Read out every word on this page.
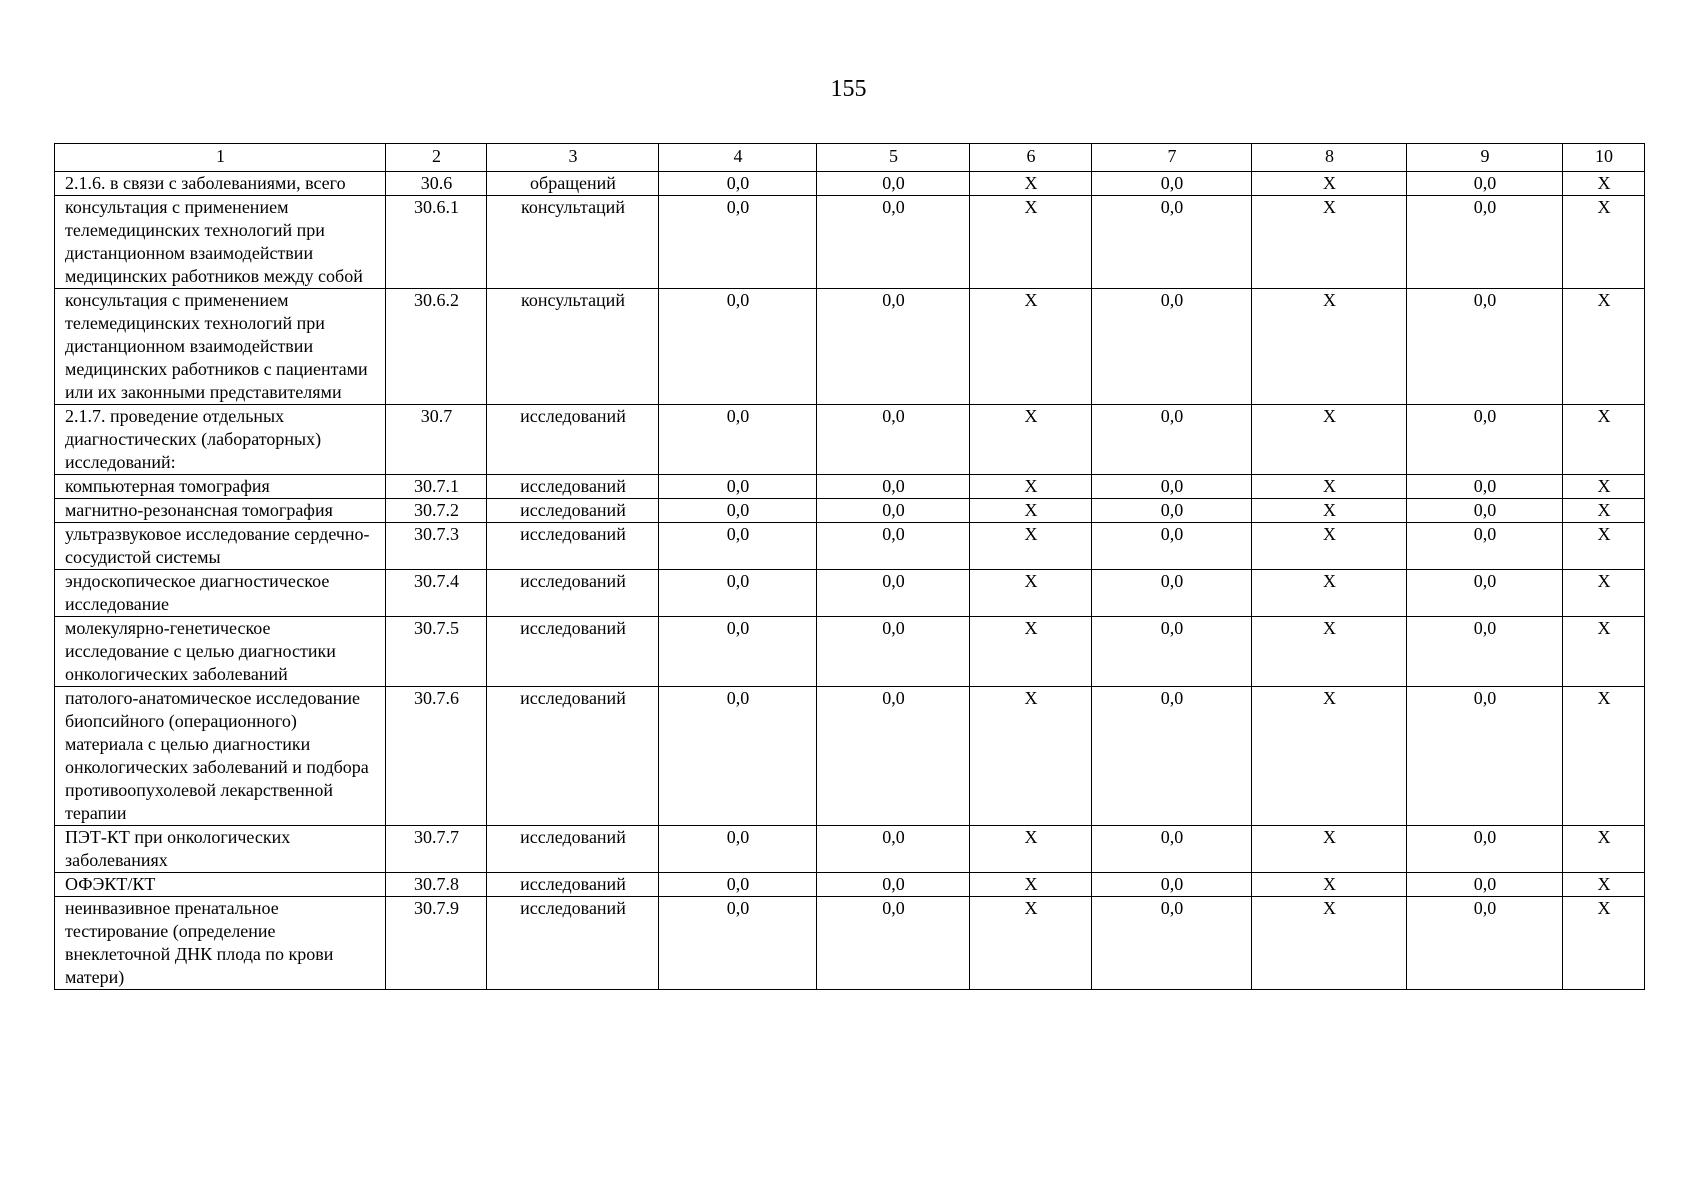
155
1	2	3	4	5	6	7	8	9	10
2.1.6. в связи с заболеваниями, всего	30.6	обращений	0,0	0,0	X	0,0	X	0,0	X
консультация с применением телемедицинских технологий при дистанционном взаимодействии медицинских работников между собой	30.6.1	консультаций	0,0	0,0	X	0,0	X	0,0	X
консультация с применением телемедицинских технологий при дистанционном взаимодействии медицинских работников с пациентами или их законными представителями	30.6.2	консультаций	0,0	0,0	X	0,0	X	0,0	X
2.1.7. проведение отдельных диагностических (лабораторных) исследований:	30.7	исследований	0,0	0,0	X	0,0	X	0,0	X
компьютерная томография	30.7.1	исследований	0,0	0,0	X	0,0	X	0,0	X
магнитно-резонансная томография	30.7.2	исследований	0,0	0,0	X	0,0	X	0,0	X
ультразвуковое исследование сердечно-сосудистой системы	30.7.3	исследований	0,0	0,0	X	0,0	X	0,0	X
эндоскопическое диагностическое исследование	30.7.4	исследований	0,0	0,0	X	0,0	X	0,0	X
молекулярно-генетическое исследование с целью диагностики онкологических заболеваний	30.7.5	исследований	0,0	0,0	X	0,0	X	0,0	X
патолого-анатомическое исследование биопсийного (операционного) материала с целью диагностики онкологических заболеваний и подбора противоопухолевой лекарственной терапии	30.7.6	исследований	0,0	0,0	X	0,0	X	0,0	X
ПЭТ-КТ при онкологических заболеваниях	30.7.7	исследований	0,0	0,0	X	0,0	X	0,0	X
ОФЭКТ/КТ	30.7.8	исследований	0,0	0,0	X	0,0	X	0,0	X
неинвазивное пренатальное тестирование (определение внеклеточной ДНК плода по крови матери)	30.7.9	исследований	0,0	0,0	X	0,0	X	0,0	X
